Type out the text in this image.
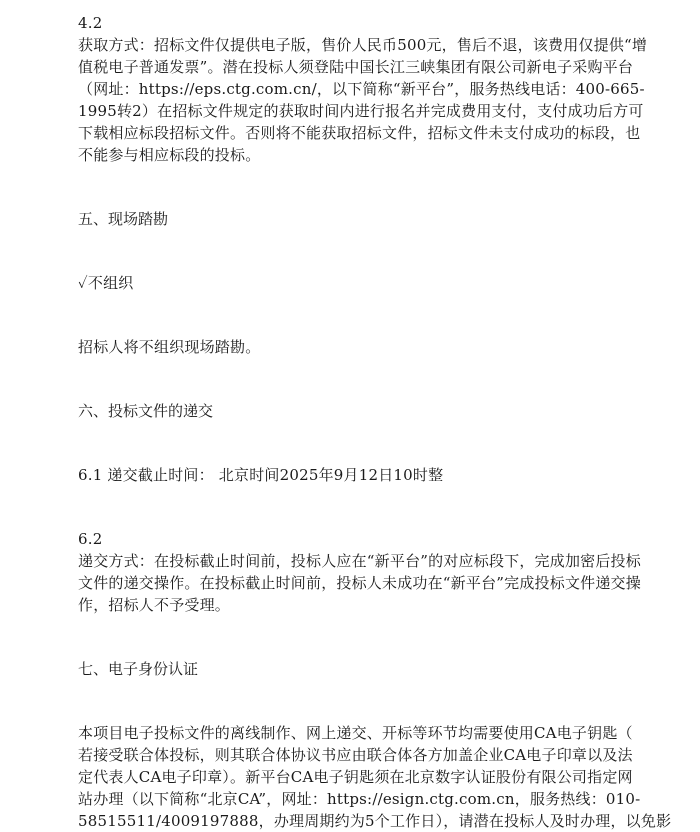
4.2
获取方式：招标文件仅提供电子版，售价人民币500元，售后不退，该费用仅提供“增
值税电子普通发票”。潜在投标人须登陆中国长江三峡集团有限公司新电子采购平台
（网址：https://eps.ctg.com.cn/，以下简称“新平台”，服务热线电话：400-665-
1995转2）在招标文件规定的获取时间内进行报名并完成费用支付，支付成功后方可
下载相应标段招标文件。否则将不能获取招标文件，招标文件未支付成功的标段，也
不能参与相应标段的投标。
五、现场踏勘
✓不组织
招标人将不组织现场踏勘。
六、投标文件的递交
6.1 递交截止时间： 北京时间2025年9月12日10时整
6.2
递交方式：在投标截止时间前，投标人应在“新平台”的对应标段下，完成加密后投标
文件的递交操作。在投标截止时间前，投标人未成功在“新平台”完成投标文件递交操
作，招标人不予受理。
七、电子身份认证
本项目电子投标文件的离线制作、网上递交、开标等环节均需要使用CA电子钥匙（
若接受联合体投标，则其联合体协议书应由联合体各方加盖企业CA电子印章以及法
定代表人CA电子印章）。新平台CA电子钥匙须在北京数字认证股份有限公司指定网
站办理（以下简称“北京CA”，网址：https://esign.ctg.com.cn，服务热线：010-
58515511/4009197888，办理周期约为5个工作日），请潜在投标人及时办理，以免影
